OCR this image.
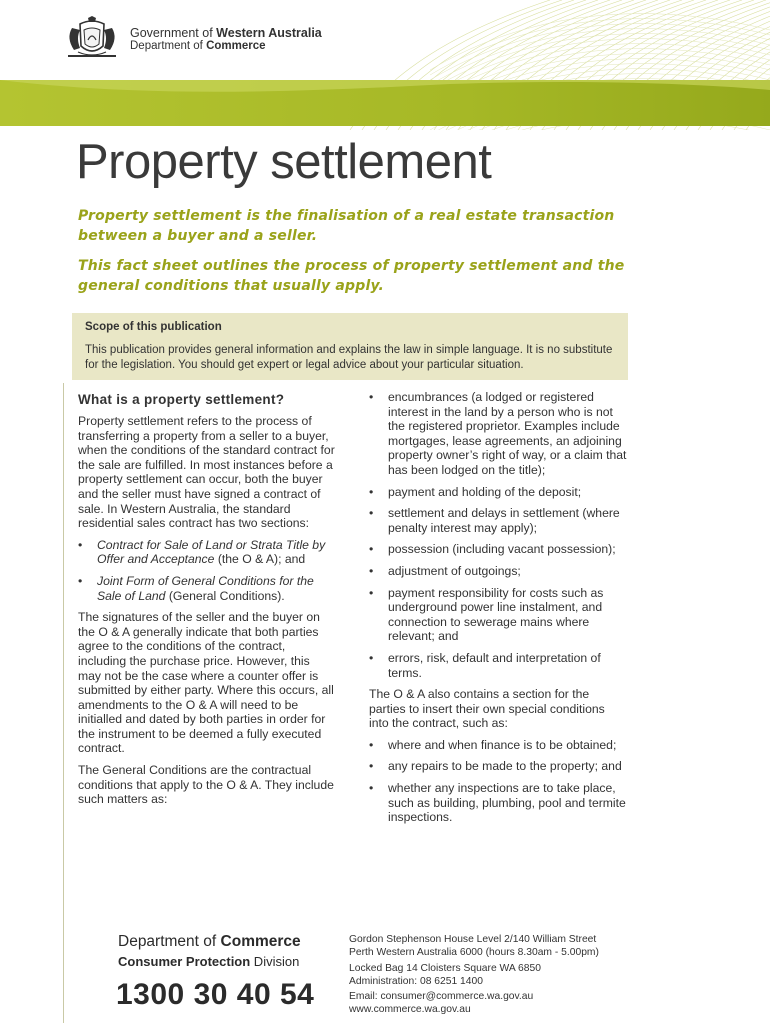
Government of Western Australia
Department of Commerce
Property settlement
Property settlement is the finalisation of a real estate transaction between a buyer and a seller.
This fact sheet outlines the process of property settlement and the general conditions that usually apply.
Scope of this publication
This publication provides general information and explains the law in simple language. It is no substitute for the legislation. You should get expert or legal advice about your particular situation.
What is a property settlement?

Property settlement refers to the process of transferring a property from a seller to a buyer, when the conditions of the standard contract for the sale are fulfilled. In most instances before a property settlement can occur, both the buyer and the seller must have signed a contract of sale. In Western Australia, the standard residential sales contract has two sections:

• Contract for Sale of Land or Strata Title by Offer and Acceptance (the O & A); and
• Joint Form of General Conditions for the Sale of Land (General Conditions).

The signatures of the seller and the buyer on the O & A generally indicate that both parties agree to the conditions of the contract, including the purchase price. However, this may not be the case where a counter offer is submitted by either party. Where this occurs, all amendments to the O & A will need to be initialled and dated by both parties in order for the instrument to be deemed a fully executed contract.

The General Conditions are the contractual conditions that apply to the O & A. They include such matters as:

• encumbrances (a lodged or registered interest in the land by a person who is not the registered proprietor. Examples include mortgages, lease agreements, an adjoining property owner’s right of way, or a claim that has been lodged on the title);
• payment and holding of the deposit;
• settlement and delays in settlement (where penalty interest may apply);
• possession (including vacant possession);
• adjustment of outgoings;
• payment responsibility for costs such as underground power line instalment, and connection to sewerage mains where relevant; and
• errors, risk, default and interpretation of terms.

The O & A also contains a section for the parties to insert their own special conditions into the contract, such as:

• where and when finance is to be obtained;
• any repairs to be made to the property; and
• whether any inspections are to take place, such as building, plumbing, pool and termite inspections.
Department of Commerce
Consumer Protection Division
1300 30 40 54
Gordon Stephenson House Level 2/140 William Street
Perth Western Australia 6000 (hours 8.30am - 5.00pm)
Locked Bag 14 Cloisters Square WA 6850
Administration: 08 6251 1400
Email: consumer@commerce.wa.gov.au
www.commerce.wa.gov.au
